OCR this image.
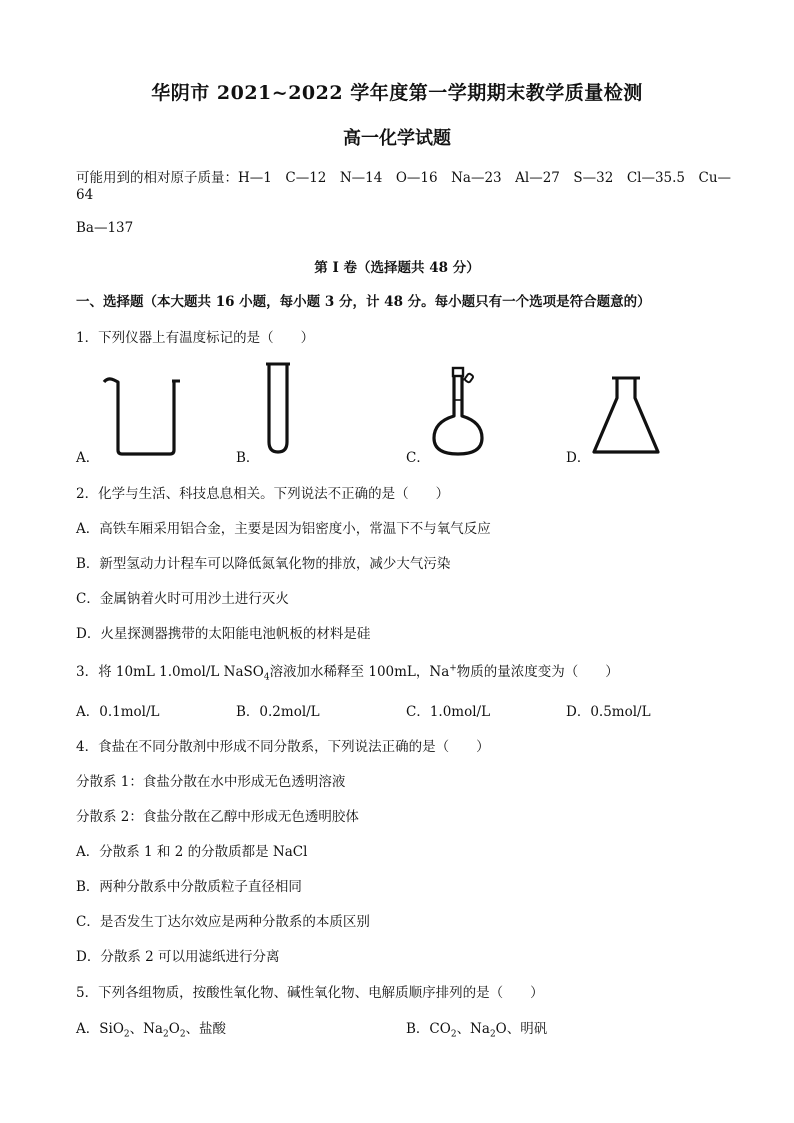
华阴市 2021~2022 学年度第一学期期末教学质量检测
高一化学试题
可能用到的相对原子质量：H—1　C—12　N—14　O—16　Na—23　Al—27　S—32　Cl—35.5　Cu—
64
Ba—137
第 I 卷（选择题共 48 分）
一、选择题（本大题共 16 小题，每小题 3 分，计 48 分。每小题只有一个选项是符合题意的）
1．下列仪器上有温度标记的是（　　）
A．	B．	C．	D．
2．化学与生活、科技息息相关。下列说法不正确的是（　　）
A．高铁车厢采用铝合金，主要是因为铝密度小，常温下不与氧气反应
B．新型氢动力计程车可以降低氮氧化物的排放，减少大气污染
C．金属钠着火时可用沙土进行灭火
D．火星探测器携带的太阳能电池帆板的材料是硅
3．将 10mL 1.0mol/L NaSO$_4$溶液加水稀释至 100mL，Na+物质的量浓度变为（　　）
A．0.1mol/L	B．0.2mol/L	C．1.0mol/L	D．0.5mol/L
4．食盐在不同分散剂中形成不同分散系，下列说法正确的是（　　）
分散系 1：食盐分散在水中形成无色透明溶液
分散系 2：食盐分散在乙醇中形成无色透明胶体
A．分散系 1 和 2 的分散质都是 NaCl
B．两种分散系中分散质粒子直径相同
C．是否发生丁达尔效应是两种分散系的本质区别
D．分散系 2 可以用滤纸进行分离
5．下列各组物质，按酸性氧化物、碱性氧化物、电解质顺序排列的是（　　）
A．SiO$_2$、$Na_2O_2$、盐酸	B．$CO_2$、$Na_2O$、明矾
